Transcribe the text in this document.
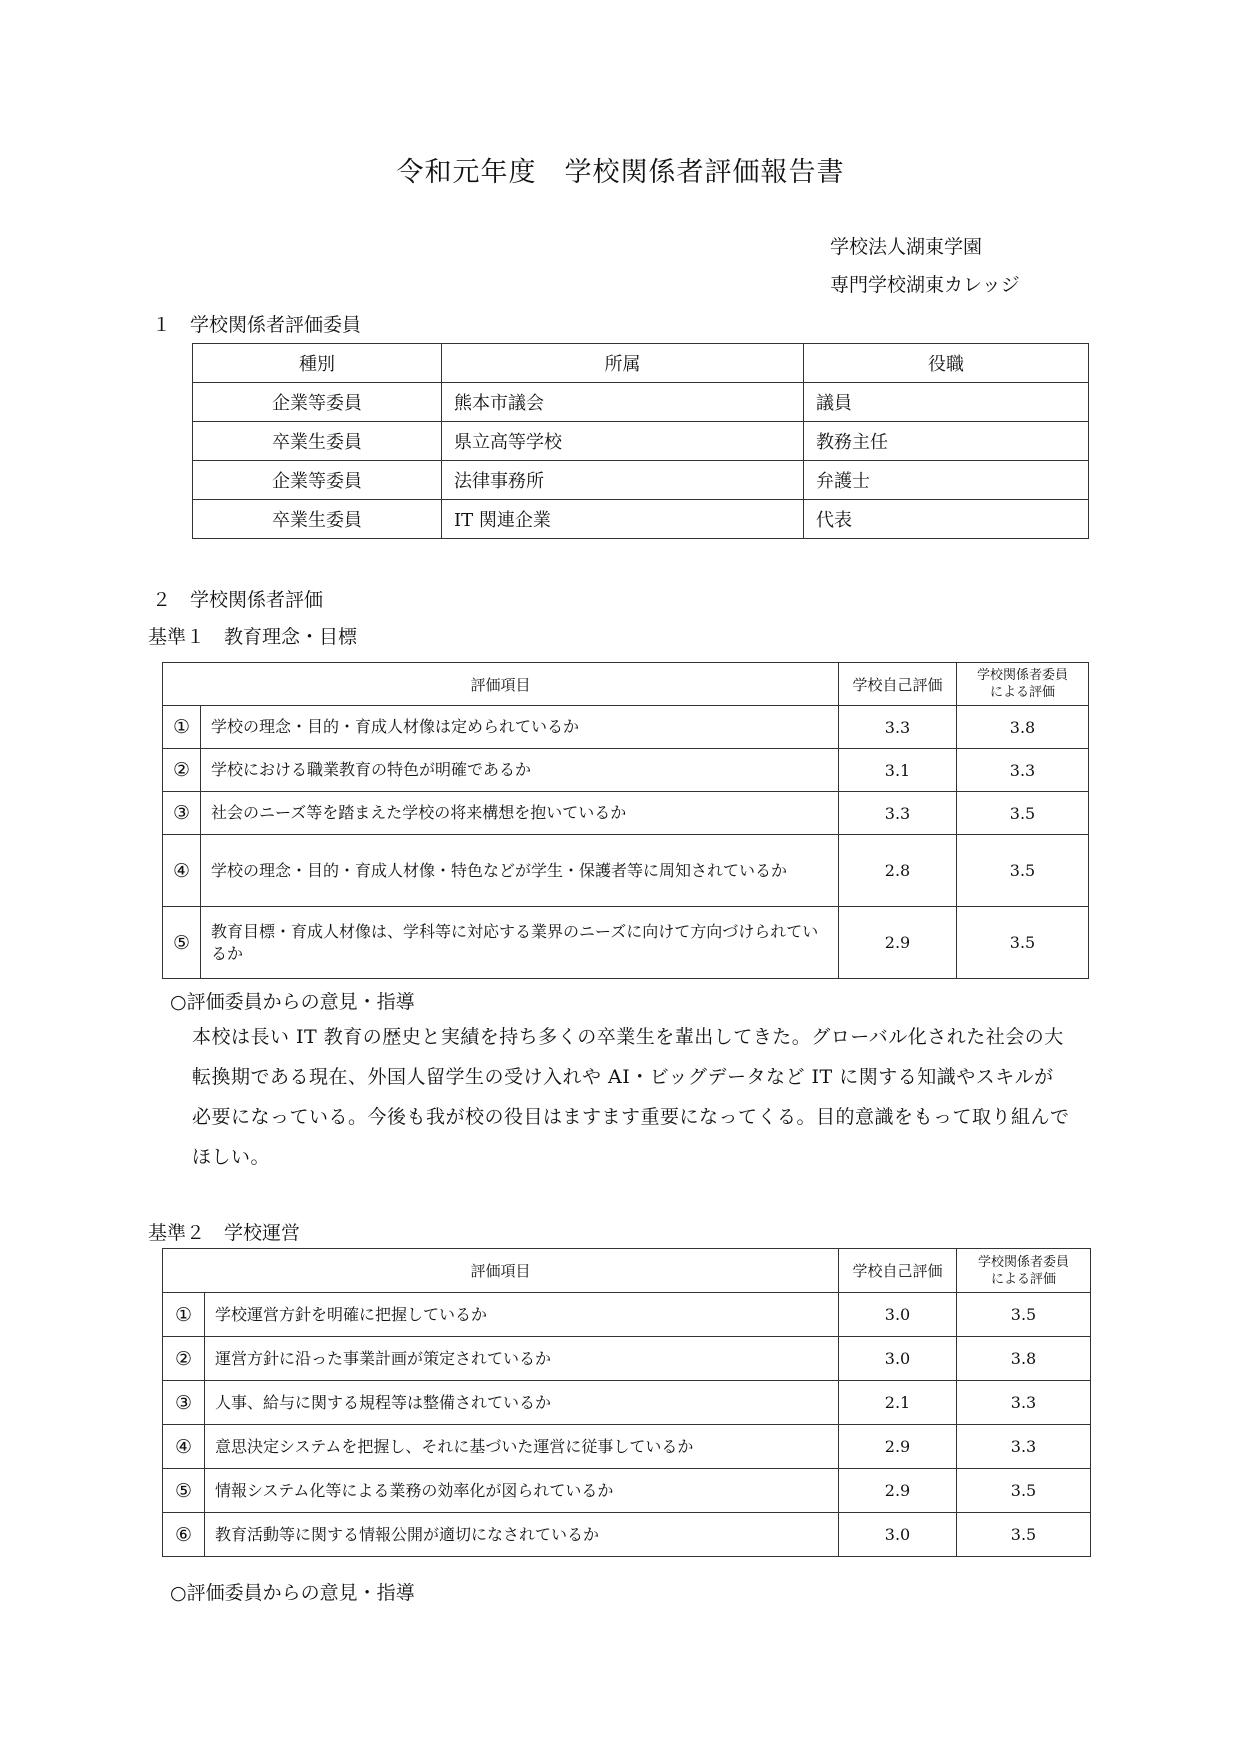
令和元年度　学校関係者評価報告書
学校法人湖東学園
専門学校湖東カレッジ
１　学校関係者評価委員
種別	所属	役職
企業等委員	熊本市議会	議員
卒業生委員	県立高等学校	教務主任
企業等委員	法律事務所	弁護士
卒業生委員	IT 関連企業	代表
２　学校関係者評価
基準１　教育理念・目標
評価項目		学校自己評価	学校関係者委員
による評価
①	学校の理念・目的・育成人材像は定められているか	3.3	3.8
②	学校における職業教育の特色が明確であるか	3.1	3.3
③	社会のニーズ等を踏まえた学校の将来構想を抱いているか	3.3	3.5
④	学校の理念・目的・育成人材像・特色などが学生・保護者等に周知されているか	2.8	3.5
⑤	教育目標・育成人材像は、学科等に対応する業界のニーズに向けて方向づけられているか	2.9	3.5
○評価委員からの意見・指導
本校は長い IT 教育の歴史と実績を持ち多くの卒業生を輩出してきた。グローバル化された社会の大転換期である現在、外国人留学生の受け入れや AI・ビッグデータなど IT に関する知識やスキルが必要になっている。今後も我が校の役目はますます重要になってくる。目的意識をもって取り組んでほしい。
基準２　学校運営
評価項目		学校自己評価	学校関係者委員
による評価
①	学校運営方針を明確に把握しているか	3.0	3.5
②	運営方針に沿った事業計画が策定されているか	3.0	3.8
③	人事、給与に関する規程等は整備されているか	2.1	3.3
④	意思決定システムを把握し、それに基づいた運営に従事しているか	2.9	3.3
⑤	情報システム化等による業務の効率化が図られているか	2.9	3.5
⑥	教育活動等に関する情報公開が適切になされているか	3.0	3.5
○評価委員からの意見・指導
